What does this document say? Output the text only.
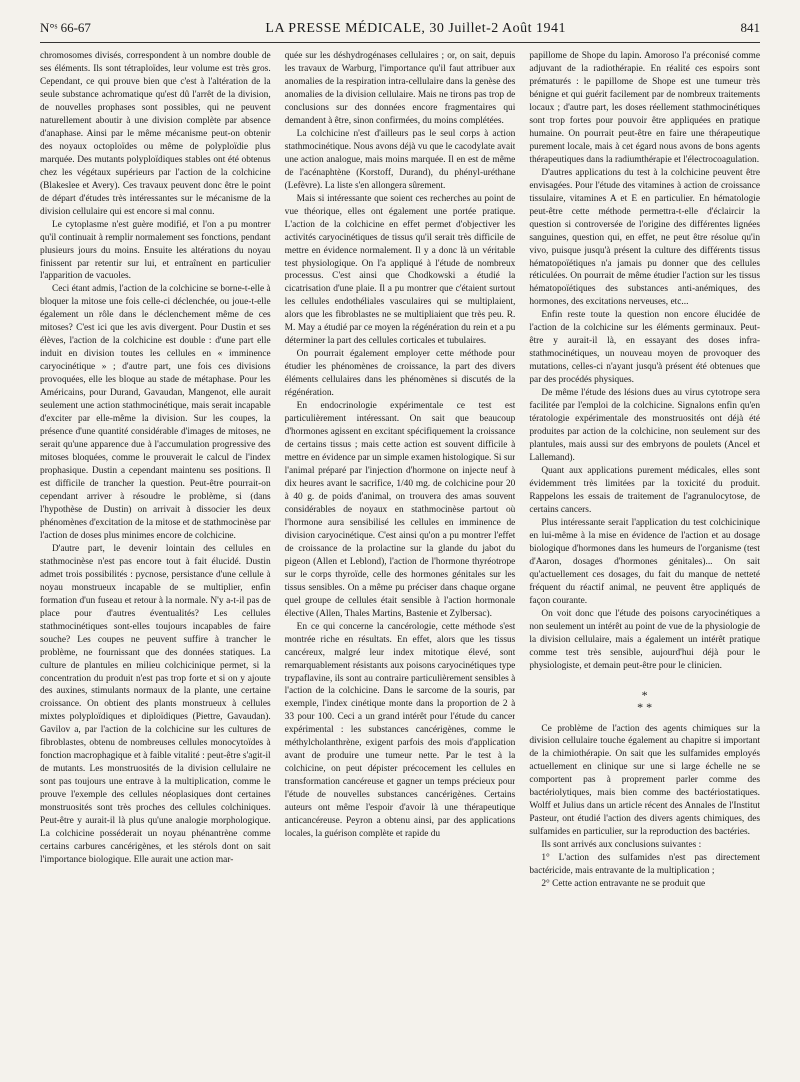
N°ˢ 66-67	LA PRESSE MÉDICALE, 30 Juillet-2 Août 1941	841

chromosomes divisés, correspondent à un nombre double de ses éléments. Ils sont tétraploïdes, leur volume est très gros. Cependant, ce qui prouve bien que c'est à l'altération de la seule substance achromatique qu'est dû l'arrêt de la division, de nouvelles prophases sont possibles, qui ne peuvent naturellement aboutir à une division complète par absence d'anaphase. Ainsi par le même mécanisme peut-on obtenir des noyaux octoploïdes ou même de polyploïdie plus marquée. Des mutants polyploïdiques stables ont été obtenus chez les végétaux supérieurs par l'action de la colchicine (Blakeslee et Avery). Ces travaux peuvent donc être le point de départ d'études très intéressantes sur le mécanisme de la division cellulaire qui est encore si mal connu.

Le cytoplasme n'est guère modifié, et l'on a pu montrer qu'il continuait à remplir normalement ses fonctions, pendant plusieurs jours du moins. Ensuite les altérations du noyau finissent par retentir sur lui, et entraînent en particulier l'apparition de vacuoles.

Ceci étant admis, l'action de la colchicine se borne-t-elle à bloquer la mitose une fois celle-ci déclenchée, ou joue-t-elle également un rôle dans le déclenchement même de ces mitoses? C'est ici que les avis divergent. Pour Dustin et ses élèves, l'action de la colchicine est double : d'une part elle induit en division toutes les cellules en « imminence caryocinétique » ; d'autre part, une fois ces divisions provoquées, elle les bloque au stade de métaphase. Pour les Américains, pour Durand, Gavaudan, Mangenot, elle aurait seulement une action stathmocinétique, mais serait incapable d'exciter par elle-même la division. Sur les coupes, la présence d'une quantité considérable d'images de mitoses, ne serait qu'une apparence due à l'accumulation progressive des mitoses bloquées, comme le prouverait le calcul de l'index prophasique. Dustin a cependant maintenu ses positions. Il est difficile de trancher la question. Peut-être pourrait-on cependant arriver à résoudre le problème, si (dans l'hypothèse de Dustin) on arrivait à dissocier les deux phénomènes d'excitation de la mitose et de stathmocinèse par l'action de doses plus minimes encore de colchicine.

D'autre part, le devenir lointain des cellules en stathmocinèse n'est pas encore tout à fait élucidé. Dustin admet trois possibilités : pycnose, persistance d'une cellule à noyau monstrueux incapable de se multiplier, enfin formation d'un fuseau et retour à la normale. N'y a-t-il pas de place pour d'autres éventualités? Les cellules stathmocinétiques sont-elles toujours incapables de faire souche? Les coupes ne peuvent suffire à trancher le problème, ne fournissant que des données statiques. La culture de plantules en milieu colchicinique permet, si la concentration du produit n'est pas trop forte et si on y ajoute des auxines, stimulants normaux de la plante, une certaine croissance. On obtient des plants monstrueux à cellules mixtes polyploïdiques et diploïdiques (Piettre, Gavaudan). Gavilov a, par l'action de la colchicine sur les cultures de fibroblastes, obtenu de nombreuses cellules monocytoïdes à fonction macrophagique et à faible vitalité : peut-être s'agit-il de mutants. Les monstruosités de la division cellulaire ne sont pas toujours une entrave à la multiplication, comme le prouve l'exemple des cellules néoplasiques dont certaines monstruosités sont très proches des cellules colchiniques. Peut-être y aurait-il là plus qu'une analogie morphologique. La colchicine posséderait un noyau phénantrène comme certains carbures cancérigènes, et les stérols dont on sait l'importance biologique. Elle aurait une action mar-

quée sur les déshydrogénases cellulaires ; or, on sait, depuis les travaux de Warburg, l'importance qu'il faut attribuer aux anomalies de la respiration intra-cellulaire dans la genèse des anomalies de la division cellulaire. Mais ne tirons pas trop de conclusions sur des données encore fragmentaires qui demandent à être, sinon confirmées, du moins complétées.

La colchicine n'est d'ailleurs pas le seul corps à action stathmocinétique. Nous avons déjà vu que le cacodylate avait une action analogue, mais moins marquée. Il en est de même de l'acénaphtène (Korstoff, Durand), du phényl-uréthane (Lefèvre). La liste s'en allongera sûrement.

Mais si intéressante que soient ces recherches au point de vue théorique, elles ont également une portée pratique. L'action de la colchicine en effet permet d'objectiver les activités caryocinétiques de tissus qu'il serait très difficile de mettre en évidence normalement. Il y a donc là un véritable test physiologique. On l'a appliqué à l'étude de nombreux processus. C'est ainsi que Chodkowski a étudié la cicatrisation d'une plaie. Il a pu montrer que c'étaient surtout les cellules endothéliales vasculaires qui se multiplaient, alors que les fibroblastes ne se multipliaient que très peu. R. M. May a étudié par ce moyen la régénération du rein et a pu déterminer la part des cellules corticales et tubulaires.

On pourrait également employer cette méthode pour étudier les phénomènes de croissance, la part des divers éléments cellulaires dans les phénomènes si discutés de la régénération.

En endocrinologie expérimentale ce test est particulièrement intéressant. On sait que beaucoup d'hormones agissent en excitant spécifiquement la croissance de certains tissus ; mais cette action est souvent difficile à mettre en évidence par un simple examen histologique. Si sur l'animal préparé par l'injection d'hormone on injecte neuf à dix heures avant le sacrifice, 1/40 mg. de colchicine pour 20 à 40 g. de poids d'animal, on trouvera des amas souvent considérables de noyaux en stathmocinèse partout où l'hormone aura sensibilisé les cellules en imminence de division caryocinétique. C'est ainsi qu'on a pu montrer l'effet de croissance de la prolactine sur la glande du jabot du pigeon (Allen et Leblond), l'action de l'hormone thyréotrope sur le corps thyroïde, celle des hormones génitales sur les tissus sensibles. On a même pu préciser dans chaque organe quel groupe de cellules était sensible à l'action hormonale élective (Allen, Thales Martins, Bastenie et Zylbersac).

En ce qui concerne la cancérologie, cette méthode s'est montrée riche en résultats. En effet, alors que les tissus cancéreux, malgré leur index mitotique élevé, sont remarquablement résistants aux poisons caryocinétiques type trypaflavine, ils sont au contraire particulièrement sensibles à l'action de la colchicine. Dans le sarcome de la souris, par exemple, l'index cinétique monte dans la proportion de 2 à 33 pour 100. Ceci a un grand intérêt pour l'étude du cancer expérimental : les substances cancérigènes, comme le méthylcholanthrène, exigent parfois des mois d'application avant de produire une tumeur nette. Par le test à la colchicine, on peut dépister précocement les cellules en transformation cancéreuse et gagner un temps précieux pour l'étude de nouvelles substances cancérigènes. Certains auteurs ont même l'espoir d'avoir là une thérapeutique anticancéreuse. Peyron a obtenu ainsi, par des applications locales, la guérison complète et rapide du

papillome de Shope du lapin. Amoroso l'a préconisé comme adjuvant de la radiothérapie. En réalité ces espoirs sont prématurés : le papillome de Shope est une tumeur très bénigne et qui guérit facilement par de nombreux traitements locaux ; d'autre part, les doses réellement stathmocinétiques sont trop fortes pour pouvoir être appliquées en pratique humaine. On pourrait peut-être en faire une thérapeutique purement locale, mais à cet égard nous avons de bons agents thérapeutiques dans la radiumthérapie et l'électrocoagulation.

D'autres applications du test à la colchicine peuvent être envisagées. Pour l'étude des vitamines à action de croissance tissulaire, vitamines A et E en particulier. En hématologie peut-être cette méthode permettra-t-elle d'éclaircir la question si controversée de l'origine des différentes lignées sanguines, question qui, en effet, ne peut être résolue qu'in vivo, puisque jusqu'à présent la culture des différents tissus hématopoïétiques n'a jamais pu donner que des cellules réticulées. On pourrait de même étudier l'action sur les tissus hématopoïétiques des substances anti-anémiques, des hormones, des excitations nerveuses, etc...

Enfin reste toute la question non encore élucidée de l'action de la colchicine sur les éléments germinaux. Peut-être y aurait-il là, en essayant des doses infra-stathmocinétiques, un nouveau moyen de provoquer des mutations, celles-ci n'ayant jusqu'à présent été obtenues que par des procédés physiques.

De même l'étude des lésions dues au virus cytotrope sera facilitée par l'emploi de la colchicine. Signalons enfin qu'en tératologie expérimentale des monstruosités ont déjà été produites par action de la colchicine, non seulement sur des plantules, mais aussi sur des embryons de poulets (Ancel et Lallemand).

Quant aux applications purement médicales, elles sont évidemment très limitées par la toxicité du produit. Rappelons les essais de traitement de l'agranulocytose, de certains cancers.

Plus intéressante serait l'application du test colchicinique en lui-même à la mise en évidence de l'action et au dosage biologique d'hormones dans les humeurs de l'organisme (test d'Aaron, dosages d'hormones génitales)... On sait qu'actuellement ces dosages, du fait du manque de netteté fréquent du réactif animal, ne peuvent être appliqués de façon courante.

On voit donc que l'étude des poisons caryocinétiques a non seulement un intérêt au point de vue de la physiologie de la division cellulaire, mais a également un intérêt pratique comme test très sensible, aujourd'hui déjà pour le physiologiste, et demain peut-être pour le clinicien.

*
* *

Ce problème de l'action des agents chimiques sur la division cellulaire touche également au chapitre si important de la chimiothérapie. On sait que les sulfamides employés actuellement en clinique sur une si large échelle ne se comportent pas à proprement parler comme des bactériolytiques, mais bien comme des bactériostatiques. Wolff et Julius dans un article récent des Annales de l'Institut Pasteur, ont étudié l'action des divers agents chimiques, des sulfamides en particulier, sur la reproduction des bactéries.

Ils sont arrivés aux conclusions suivantes :

1° L'action des sulfamides n'est pas directement bactéricide, mais entravante de la multiplication ;

2° Cette action entravante ne se produit que
